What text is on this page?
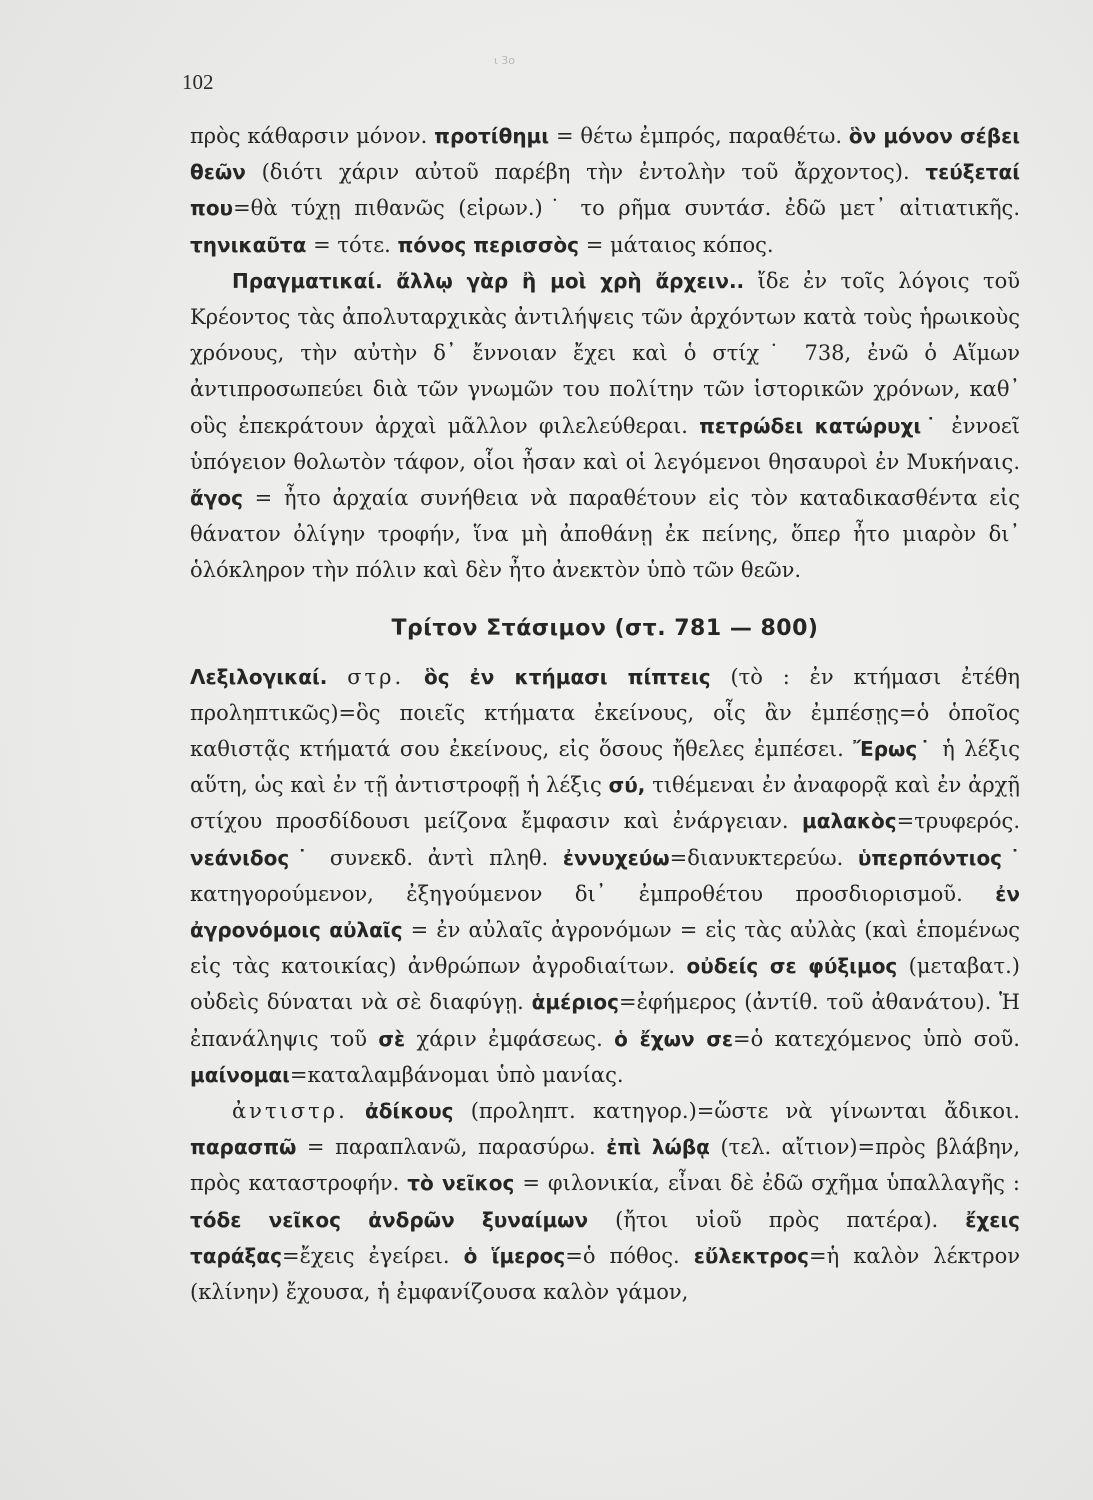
ι 3ο
102

πρὸς κάθαρσιν μόνον. προτίθημι = θέτω ἐμπρός, παραθέτω. ὃν μόνον σέβει θεῶν (διότι χάριν αὐτοῦ παρέβη τὴν ἐντολὴν τοῦ ἄρχοντος). τεύξεταί που=θὰ τύχῃ πιθανῶς (εἰρων.)˙ το ρῆμα συντάσ. ἐδῶ μετ᾽ αἰτιατικῆς. τηνικαῦτα = τότε. πόνος περισσὸς = μάταιος κόπος.

Πραγματικαί. ἄλλῳ γὰρ ἢ μοὶ χρὴ ἄρχειν.. ἴδε ἐν τοῖς λόγοις τοῦ Κρέοντος τὰς ἀπολυταρχικὰς ἀντιλήψεις τῶν ἀρχόντων κατὰ τοὺς ἡρωικοὺς χρόνους, τὴν αὐτὴν δ᾽ ἔννοιαν ἔχει καὶ ὁ στίχ˙ 738, ἐνῶ ὁ Αἵμων ἀντιπροσωπεύει διὰ τῶν γνωμῶν του πολίτην τῶν ἱστορικῶν χρόνων, καθ᾽ οὓς ἐπεκράτουν ἀρχαὶ μᾶλλον φιλελεύθεραι. πετρώδει κατώρυχι˙ ἐννοεῖ ὑπόγειον θολωτὸν τάφον, οἷοι ἦσαν καὶ οἱ λεγόμενοι θησαυροὶ ἐν Μυκήναις. ἄγος = ἦτο ἀρχαία συνήθεια νὰ παραθέτουν εἰς τὸν καταδικασθέντα εἰς θάνατον ὀλίγην τροφήν, ἵνα μὴ ἀποθάνῃ ἐκ πείνης, ὅπερ ἦτο μιαρὸν δι᾽ ὁλόκληρον τὴν πόλιν καὶ δὲν ἦτο ἀνεκτὸν ὑπὸ τῶν θεῶν.

Τρίτον Στάσιμον (στ. 781 — 800)

Λεξιλογικαί. στρ. ὃς ἐν κτήμασι πίπτεις (τὸ : ἐν κτήμασι ἐτέθη προληπτικῶς)=ὃς ποιεῖς κτήματα ἐκείνους, οἷς ἂν ἐμπέσῃς=ὁ ὁποῖος καθιστᾷς κτήματά σου ἐκείνους, εἰς ὅσους ἤθελες ἐμπέσει. Ἔρως˙ ἡ λέξις αὕτη, ὡς καὶ ἐν τῇ ἀντιστροφῇ ἡ λέξις σύ, τιθέμεναι ἐν ἀναφορᾷ καὶ ἐν ἀρχῇ στίχου προσδίδουσι μείζονα ἔμφασιν καὶ ἐνάργειαν. μαλακὸς=τρυφερός. νεάνιδος˙ συνεκδ. ἀντὶ πληθ. ἐννυχεύω=διανυκτερεύω. ὑπερπόντιος˙ κατηγορούμενον, ἐξηγούμενον δι᾽ ἐμπροθέτου προσδιορισμοῦ. ἐν ἀγρονόμοις αὐλαῖς = ἐν αὐλαῖς ἀγρονόμων = εἰς τὰς αὐλὰς (καὶ ἑπομένως εἰς τὰς κατοικίας) ἀνθρώπων ἀγροδιαίτων. οὐδείς σε φύξιμος (μεταβατ.) οὐδεὶς δύναται νὰ σὲ διαφύγῃ. ἁμέριος=ἐφήμερος (ἀντίθ. τοῦ ἀθανάτου). Ἡ ἐπανάληψις τοῦ σὲ χάριν ἐμφάσεως. ὁ ἔχων σε=ὁ κατεχόμενος ὑπὸ σοῦ. μαίνομαι=καταλαμβάνομαι ὑπὸ μανίας.

ἀντιστρ. ἀδίκους (προληπτ. κατηγορ.)=ὥστε νὰ γίνωνται ἄδικοι. παρασπῶ = παραπλανῶ, παρασύρω. ἐπὶ λώβᾳ (τελ. αἴτιον)=πρὸς βλάβην, πρὸς καταστροφήν. τὸ νεῖκος = φιλονικία, εἶναι δὲ ἐδῶ σχῆμα ὑπαλλαγῆς : τόδε νεῖκος ἀνδρῶν ξυναίμων (ἤτοι υἱοῦ πρὸς πατέρα). ἔχεις ταράξας=ἔχεις ἐγείρει. ὁ ἵμερος=ὁ πόθος. εὔλεκτρος=ἡ καλὸν λέκτρον (κλίνην) ἔχουσα, ἡ ἐμφανίζουσα καλὸν γάμον,
